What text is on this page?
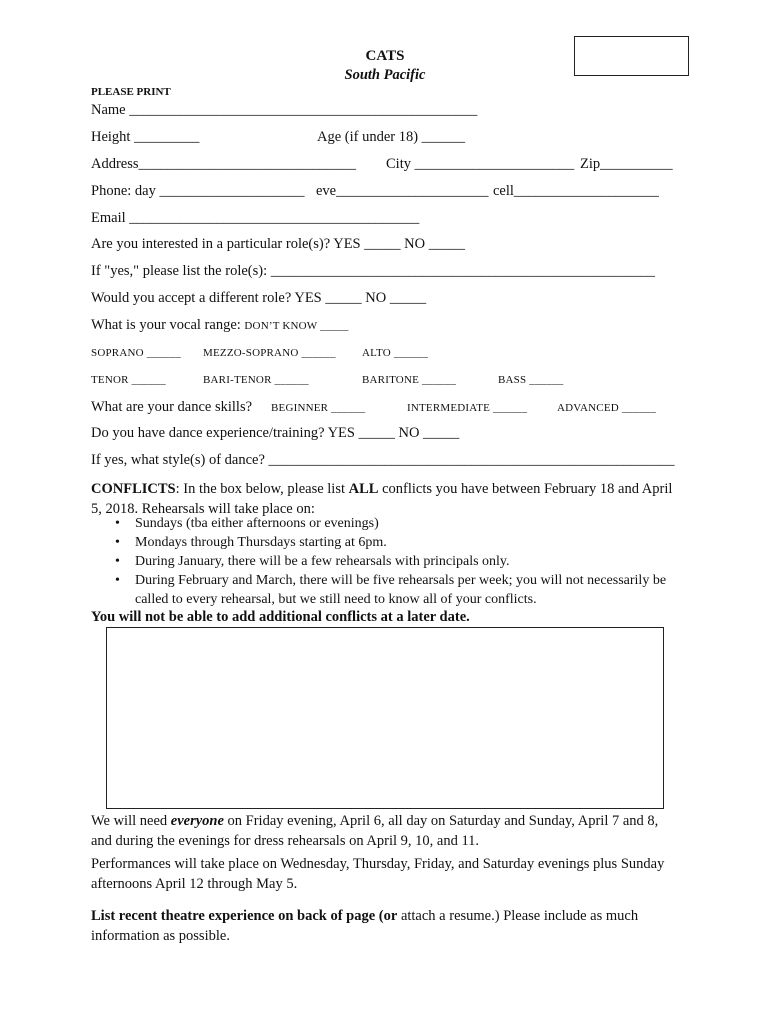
CATS
South Pacific
PLEASE PRINT
Name ________________________________________________
Height _________	Age (if under 18) ______
Address______________________________ City ______________________ Zip__________
Phone: day ____________________ eve_____________________ cell____________________
Email ________________________________________
Are you interested in a particular role(s)? YES _____ NO _____
If "yes," please list the role(s): _____________________________________________________
Would you accept a different role? YES _____ NO _____
What is your vocal range: DON’T KNOW _____
SOPRANO ______ MEZZO-SOPRANO ______ ALTO ______
TENOR ______	BARI-TENOR ______	BARITONE ______	BASS ______
What are your dance skills? BEGINNER ______	INTERMEDIATE ______	ADVANCED ______
Do you have dance experience/training? YES _____ NO _____
If yes, what style(s) of dance? ________________________________________________________
CONFLICTS: In the box below, please list ALL conflicts you have between February 18 and April 5, 2018. Rehearsals will take place on:
• Sundays (tba either afternoons or evenings)
• Mondays through Thursdays starting at 6pm.
• During January, there will be a few rehearsals with principals only.
• During February and March, there will be five rehearsals per week; you will not necessarily be called to every rehearsal, but we still need to know all of your conflicts.
You will not be able to add additional conflicts at a later date.
We will need everyone on Friday evening, April 6, all day on Saturday and Sunday, April 7 and 8, and during the evenings for dress rehearsals on April 9, 10, and 11.
Performances will take place on Wednesday, Thursday, Friday, and Saturday evenings plus Sunday afternoons April 12 through May 5.
List recent theatre experience on back of page (or attach a resume.) Please include as much information as possible.
